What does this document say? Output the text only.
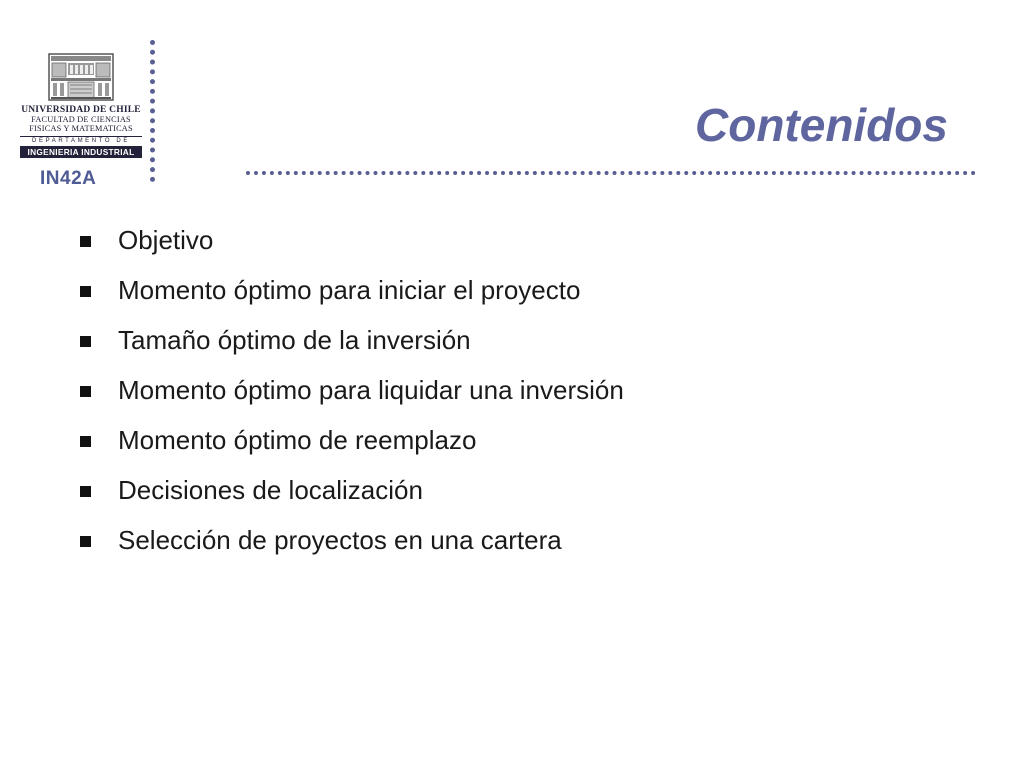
UNIVERSIDAD DE CHILE
FACULTAD DE CIENCIAS
FISICAS Y MATEMATICAS
DEPARTAMENTO DE
INGENIERIA INDUSTRIAL
IN42A
Contenidos
Objetivo
Momento óptimo para iniciar el proyecto
Tamaño óptimo de la inversión
Momento óptimo para liquidar una inversión
Momento óptimo de reemplazo
Decisiones de localización
Selección de proyectos en una cartera
